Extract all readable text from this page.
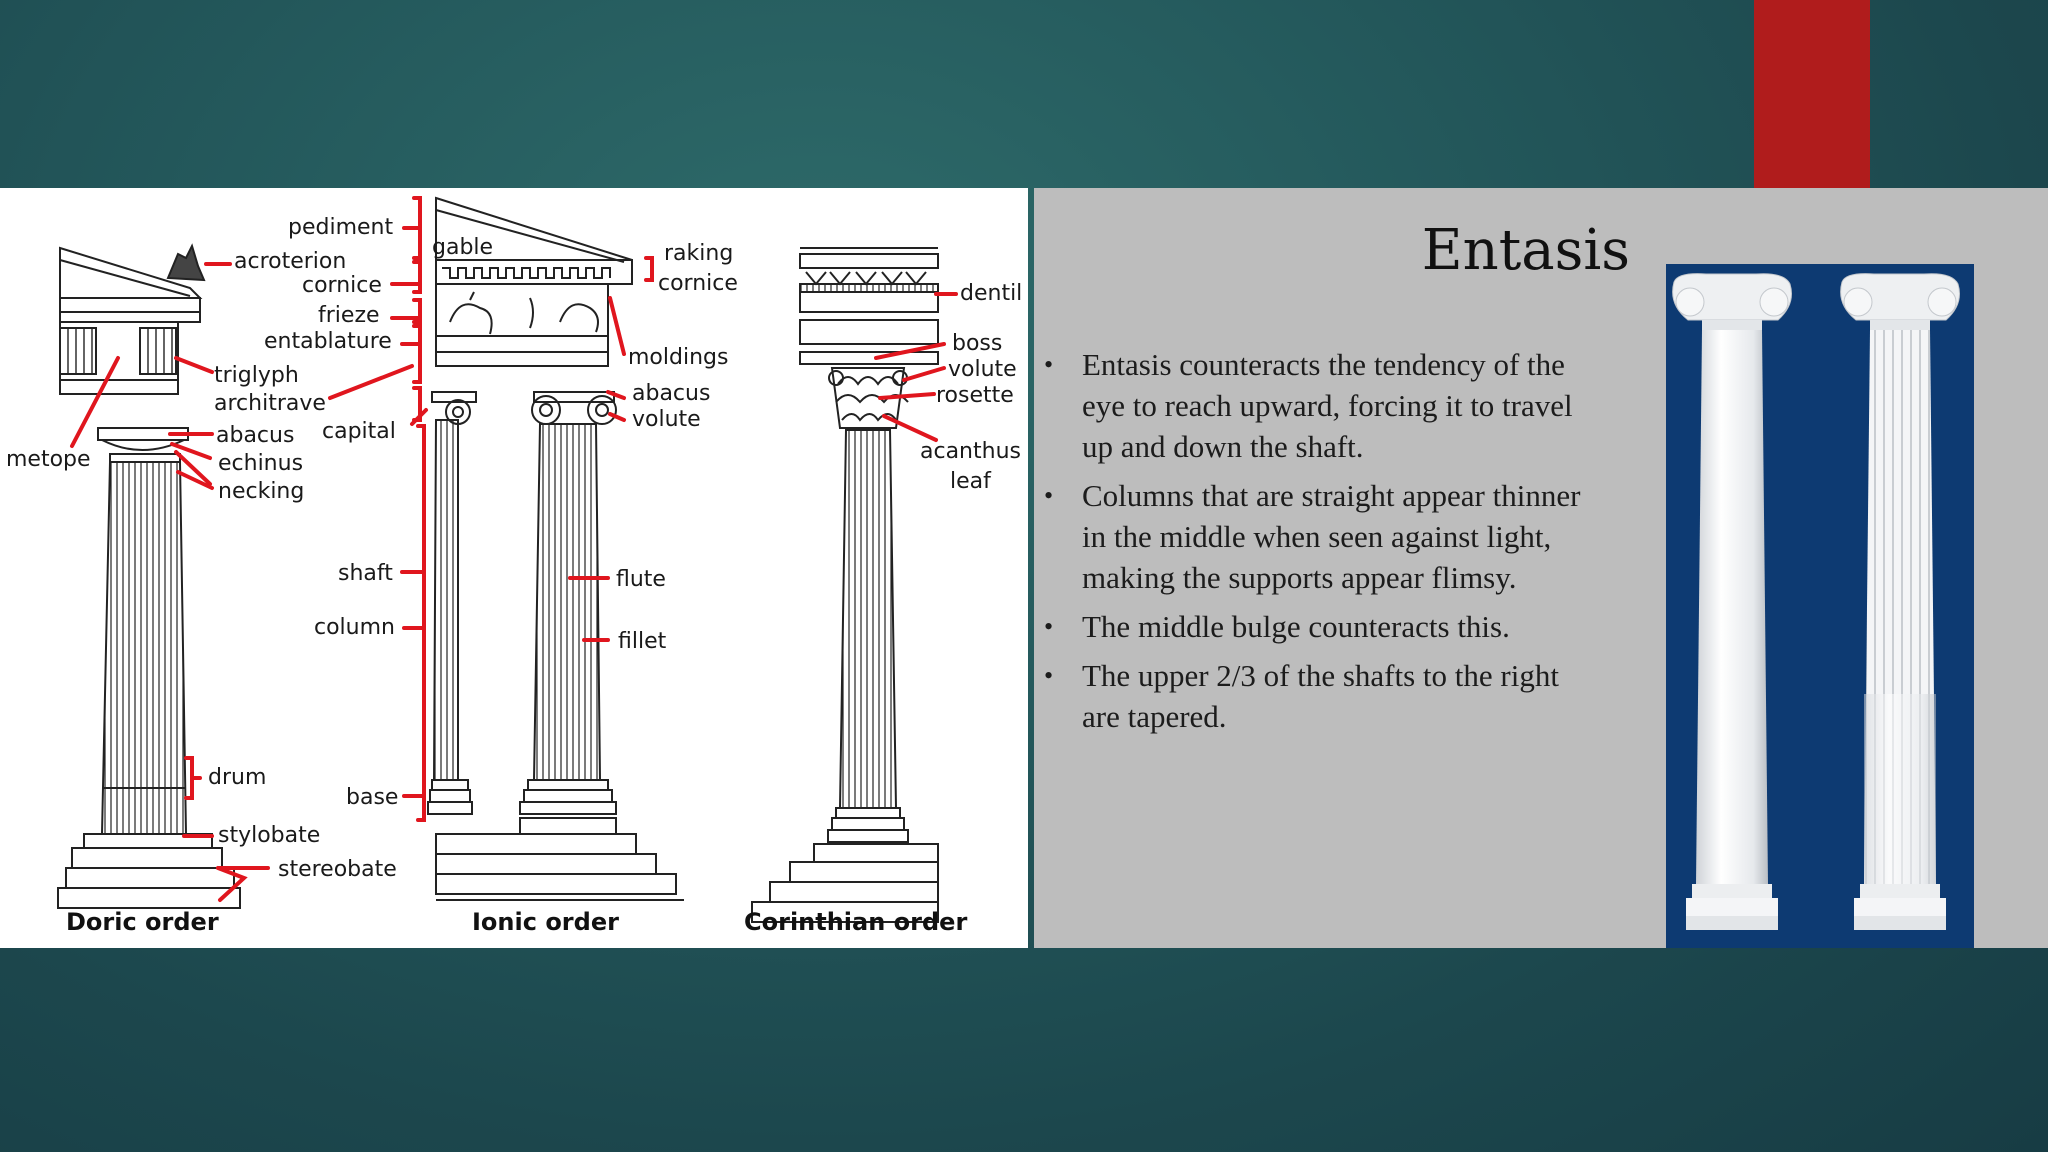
pediment
gable	raking
cornice
acroterion
cornice
frieze
entablature
triglyph
architrave
capital
abacus
echinus
necking
metope
moldings
abacus
volute
shaft	flute
column
fillet
drum
base
stylobate
stereobate
dentil
boss
volute
rosette
acanthus
leaf
Doric order	Ionic order	Corinthian order
Entasis
• Entasis counteracts the tendency of the eye to reach upward, forcing it to travel up and down the shaft.
• Columns that are straight appear thinner in the middle when seen against light, making the supports appear flimsy.
• The middle bulge counteracts this.
• The upper 2/3 of the shafts to the right are tapered.
